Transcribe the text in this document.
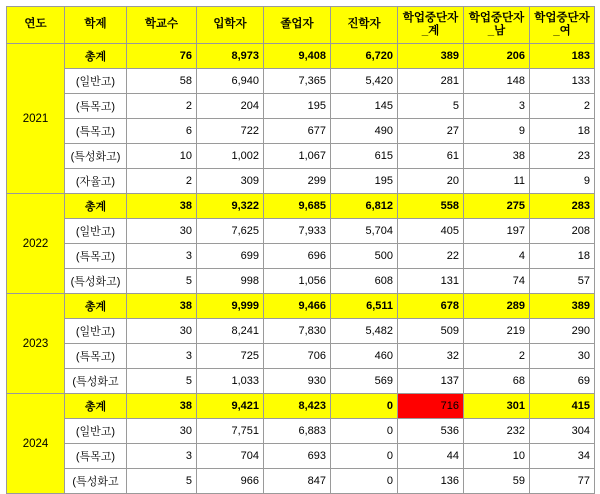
연도	학제	학교수	입학자	졸업자	진학자	학업중단자 _계	학업중단자 _남	학업중단자 _여
2021	총계	76	8,973	9,408	6,720	389	206	183
	(일반고)	58	6,940	7,365	5,420	281	148	133
	(특목고)	2	204	195	145	5	3	2
	(특목고)	6	722	677	490	27	9	18
	(특성화고)	10	1,002	1,067	615	61	38	23
	(자율고)	2	309	299	195	20	11	9
2022	총계	38	9,322	9,685	6,812	558	275	283
	(일반고)	30	7,625	7,933	5,704	405	197	208
	(특목고)	3	699	696	500	22	4	18
	(특성화고)	5	998	1,056	608	131	74	57
2023	총계	38	9,999	9,466	6,511	678	289	389
	(일반고)	30	8,241	7,830	5,482	509	219	290
	(특목고)	3	725	706	460	32	2	30
	(특성화고	5	1,033	930	569	137	68	69
2024	총계	38	9,421	8,423	0	716	301	415
	(일반고)	30	7,751	6,883	0	536	232	304
	(특목고)	3	704	693	0	44	10	34
	(특성화고	5	966	847	0	136	59	77
